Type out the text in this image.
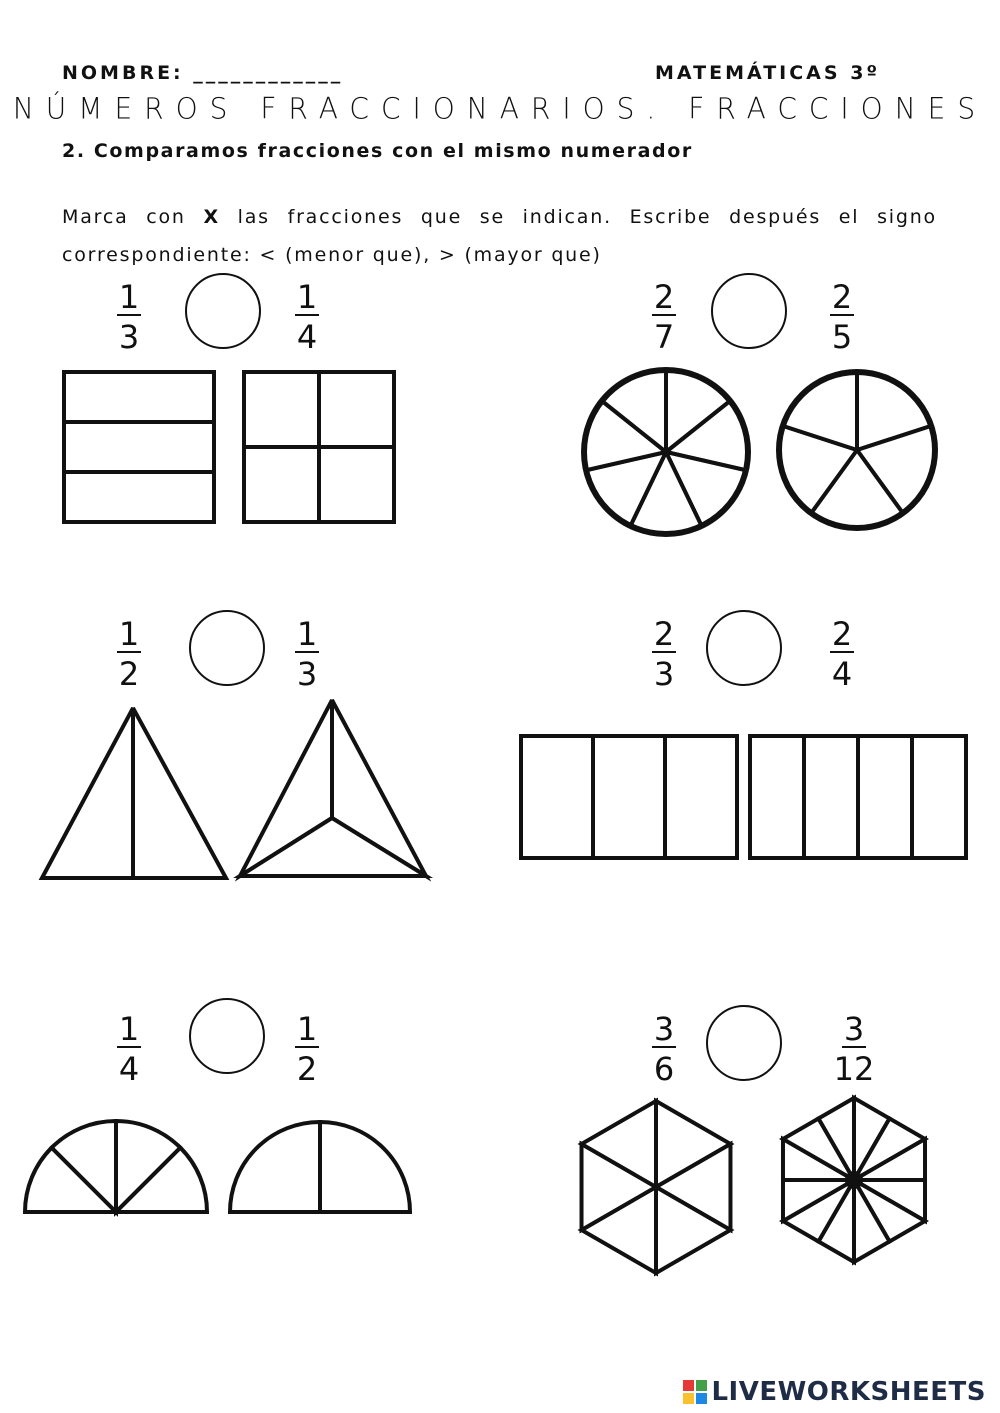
NOMBRE: ____________	MATEMÁTICAS 3º
NÚMEROS FRACCIONARIOS. FRACCIONES
2. Comparamos fracciones con el mismo numerador
Marca con X las fracciones que se indican. Escribe después el signo correspondiente: < (menor que), > (mayor que)
$\frac{1}{3}$	$\frac{1}{4}$	$\frac{2}{7}$	$\frac{2}{5}$
$\frac{1}{2}$	$\frac{1}{3}$	$\frac{2}{3}$	$\frac{2}{4}$
$\frac{1}{4}$	$\frac{1}{2}$	$\frac{3}{6}$	$\frac{3}{12}$
LIVEWORKSHEETS
